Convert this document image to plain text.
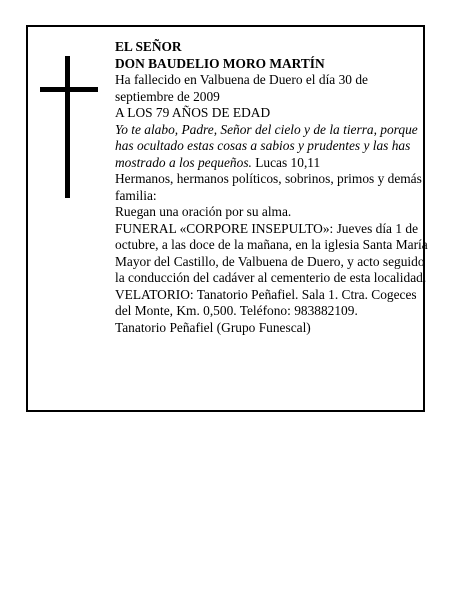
EL SEÑOR

DON BAUDELIO MORO MARTÍN

Ha fallecido en Valbuena de Duero el día 30 de septiembre de 2009

A LOS 79 AÑOS DE EDAD

Yo te alabo, Padre, Señor del cielo y de la tierra, porque has ocultado estas cosas a sabios y prudentes y las has mostrado a los pequeños. Lucas 10,11

Hermanos, hermanos políticos, sobrinos, primos y demás familia:

Ruegan una oración por su alma.

FUNERAL «CORPORE INSEPULTO»: Jueves día 1 de octubre, a las doce de la mañana, en la iglesia Santa María Mayor del Castillo, de Valbuena de Duero, y acto seguido la conducción del cadáver al cementerio de esta localidad.

VELATORIO: Tanatorio Peñafiel. Sala 1. Ctra. Cogeces del Monte, Km. 0,500. Teléfono: 983882109.

Tanatorio Peñafiel (Grupo Funescal)
